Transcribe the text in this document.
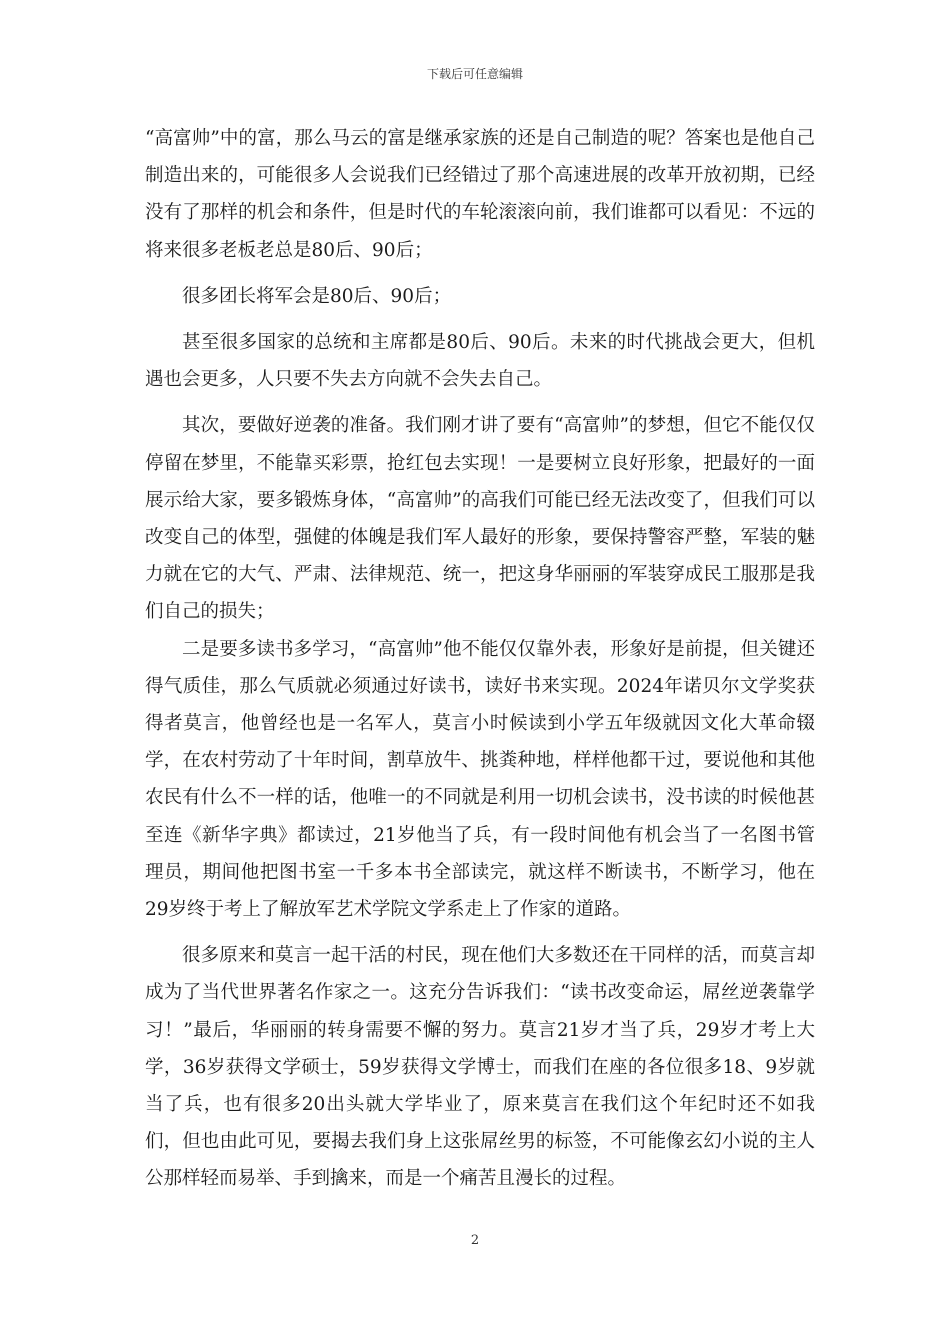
下载后可任意编辑

“高富帅”中的富，那么马云的富是继承家族的还是自己制造的呢？答案也是他自己制造出来的，可能很多人会说我们已经错过了那个高速进展的改革开放初期，已经没有了那样的机会和条件，但是时代的车轮滚滚向前，我们谁都可以看见：不远的将来很多老板老总是80后、90后；

很多团长将军会是80后、90后；

甚至很多国家的总统和主席都是80后、90后。未来的时代挑战会更大，但机遇也会更多，人只要不失去方向就不会失去自己。

其次，要做好逆袭的准备。我们刚才讲了要有“高富帅”的梦想，但它不能仅仅停留在梦里，不能靠买彩票，抢红包去实现！一是要树立良好形象，把最好的一面展示给大家，要多锻炼身体，“高富帅”的高我们可能已经无法改变了，但我们可以改变自己的体型，强健的体魄是我们军人最好的形象，要保持警容严整，军装的魅力就在它的大气、严肃、法律规范、统一，把这身华丽丽的军装穿成民工服那是我们自己的损失；

二是要多读书多学习，“高富帅”他不能仅仅靠外表，形象好是前提，但关键还得气质佳，那么气质就必须通过好读书，读好书来实现。2024年诺贝尔文学奖获得者莫言，他曾经也是一名军人，莫言小时候读到小学五年级就因文化大革命辍学，在农村劳动了十年时间，割草放牛、挑粪种地，样样他都干过，要说他和其他农民有什么不一样的话，他唯一的不同就是利用一切机会读书，没书读的时候他甚至连《新华字典》都读过，21岁他当了兵，有一段时间他有机会当了一名图书管理员，期间他把图书室一千多本书全部读完，就这样不断读书，不断学习，他在29岁终于考上了解放军艺术学院文学系走上了作家的道路。

很多原来和莫言一起干活的村民，现在他们大多数还在干同样的活，而莫言却成为了当代世界著名作家之一。这充分告诉我们：“读书改变命运，屌丝逆袭靠学习！”最后，华丽丽的转身需要不懈的努力。莫言21岁才当了兵，29岁才考上大学，36岁获得文学硕士，59岁获得文学博士，而我们在座的各位很多18、9岁就当了兵，也有很多20出头就大学毕业了，原来莫言在我们这个年纪时还不如我们，但也由此可见，要揭去我们身上这张屌丝男的标签，不可能像玄幻小说的主人公那样轻而易举、手到擒来，而是一个痛苦且漫长的过程。

2
